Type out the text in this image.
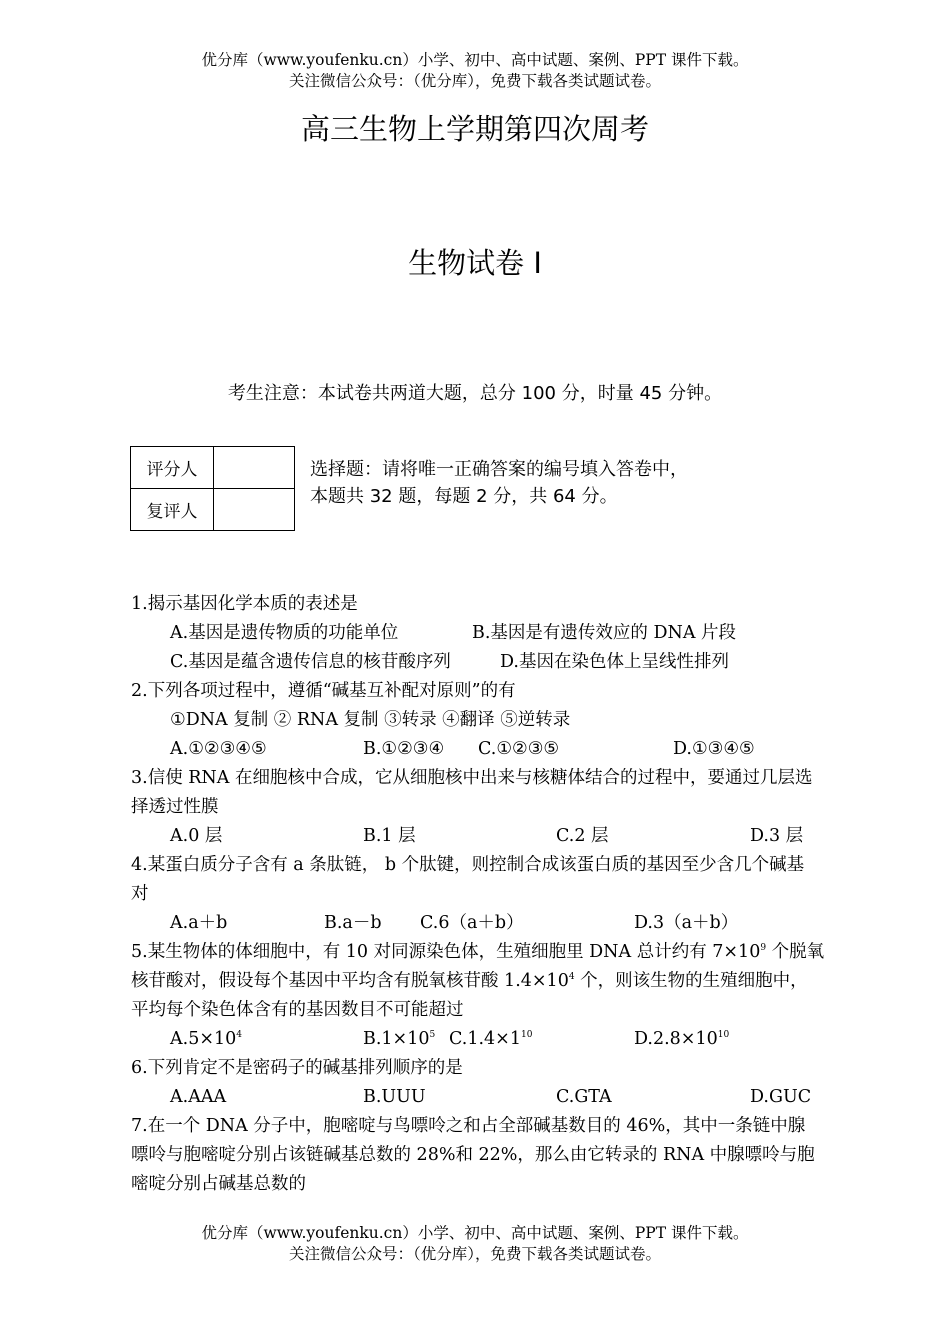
优分库（www.youfenku.cn）小学、初中、高中试题、案例、PPT 课件下载。
关注微信公众号：（优分库），免费下载各类试题试卷。
高三生物上学期第四次周考
生物试卷 I
考生注意：本试卷共两道大题，总分 100 分，时量 45 分钟。
评分人	
复评人	
选择题：请将唯一正确答案的编号填入答卷中，
本题共 32 题，每题 2 分，共 64 分。
1.揭示基因化学本质的表述是
A.基因是遗传物质的功能单位	B.基因是有遗传效应的 DNA 片段
C.基因是蕴含遗传信息的核苷酸序列	D.基因在染色体上呈线性排列
2.下列各项过程中，遵循“碱基互补配对原则”的有
①DNA 复制 ② RNA 复制 ③转录 ④翻译 ⑤逆转录
A.①②③④⑤	B.①②③④ C.①②③⑤	D.①③④⑤
3.信使 RNA 在细胞核中合成，它从细胞核中出来与核糖体结合的过程中，要通过几层选
择透过性膜
A.0 层	B.1 层	C.2 层	D.3 层
4.某蛋白质分子含有 a 条肽链， b 个肽键，则控制合成该蛋白质的基因至少含几个碱基
对
A.a＋b	B.a－b C.6（a＋b）	D.3（a＋b）
5.某生物体的体细胞中，有 10 对同源染色体，生殖细胞里 DNA 总计约有 $7\times 10^9$ 个脱氧
核苷酸对，假设每个基因中平均含有脱氧核苷酸 $1.4\times 10^4$ 个，则该生物的生殖细胞中，
平均每个染色体含有的基因数目不可能超过
$A.5\times 10^4$	$B.1\times 10^5$ $C.1.4\times 1^{10}$	$D.2.8\times 10^{10}$
6.下列肯定不是密码子的碱基排列顺序的是
A.AAA	B.UUU	C.GTA	D.GUC
7.在一个 DNA 分子中，胞嘧啶与鸟嘌呤之和占全部碱基数目的 46%，其中一条链中腺
嘌呤与胞嘧啶分别占该链碱基总数的 28%和 22%，那么由它转录的 RNA 中腺嘌呤与胞
嘧啶分别占碱基总数的
优分库（www.youfenku.cn）小学、初中、高中试题、案例、PPT 课件下载。
关注微信公众号：（优分库），免费下载各类试题试卷。
